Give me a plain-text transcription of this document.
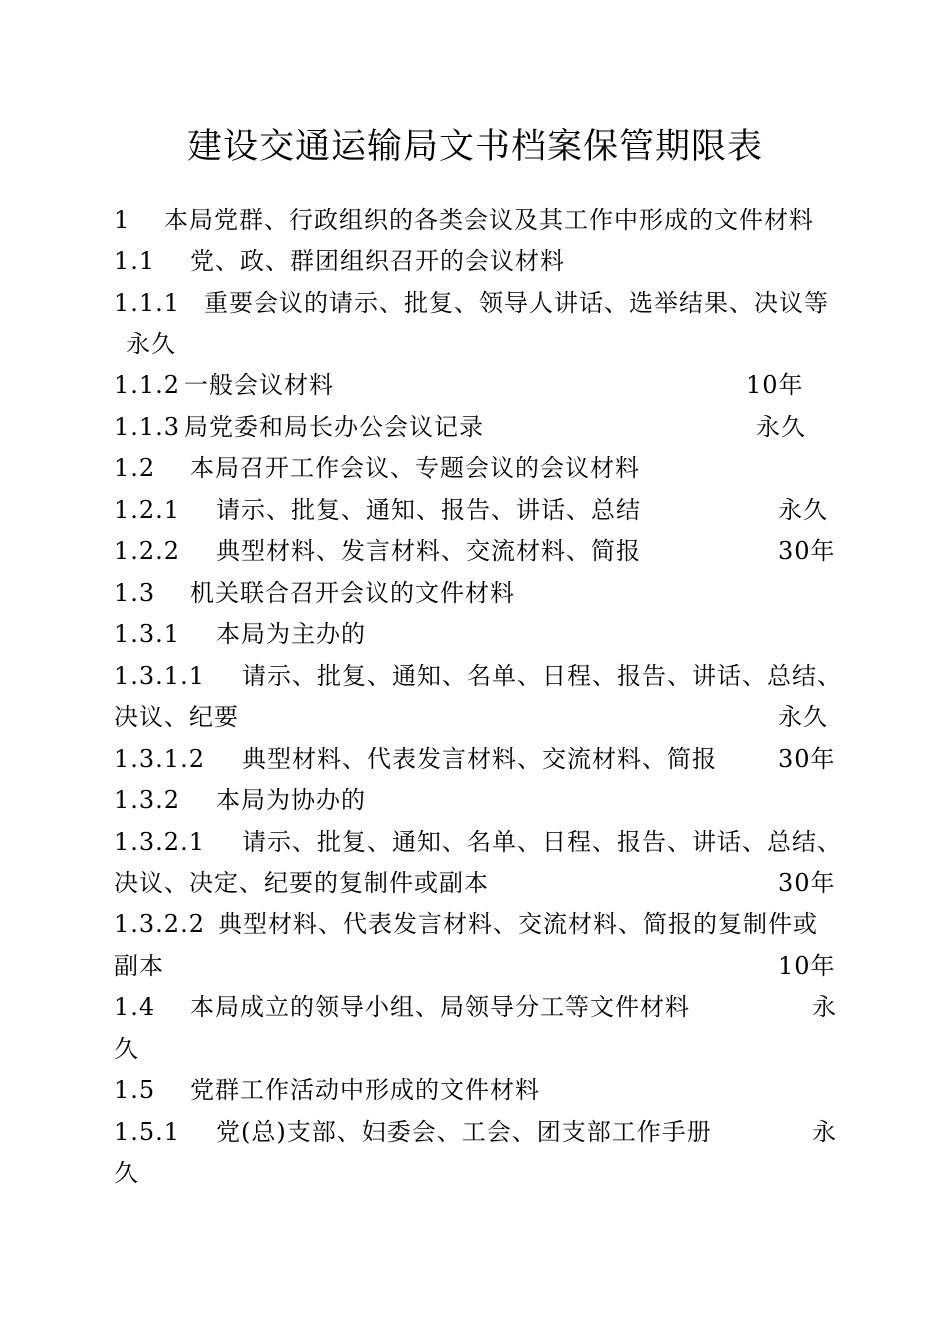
建设交通运输局文书档案保管期限表
1 本局党群、行政组织的各类会议及其工作中形成的文件材料
1.1 党、政、群团组织召开的会议材料
1.1.1 重要会议的请示、批复、领导人讲话、选举结果、决议等
永久
1.1.2 一般会议材料	10年
1.1.3 局党委和局长办公会议记录	永久
1.2 本局召开工作会议、专题会议的会议材料
1.2.1 请示、批复、通知、报告、讲话、总结	永久
1.2.2 典型材料、发言材料、交流材料、简报	30年
1.3 机关联合召开会议的文件材料
1.3.1 本局为主办的
1.3.1.1 请示、批复、通知、名单、日程、报告、讲话、总结、
决议、纪要	永久
1.3.1.2 典型材料、代表发言材料、交流材料、简报	30年
1.3.2 本局为协办的
1.3.2.1 请示、批复、通知、名单、日程、报告、讲话、总结、
决议、决定、纪要的复制件或副本	30年
1.3.2.2 典型材料、代表发言材料、交流材料、简报的复制件或
副本	10年
1.4 本局成立的领导小组、局领导分工等文件材料	永
久
1.5 党群工作活动中形成的文件材料
1.5.1 党(总)支部、妇委会、工会、团支部工作手册	永
久
